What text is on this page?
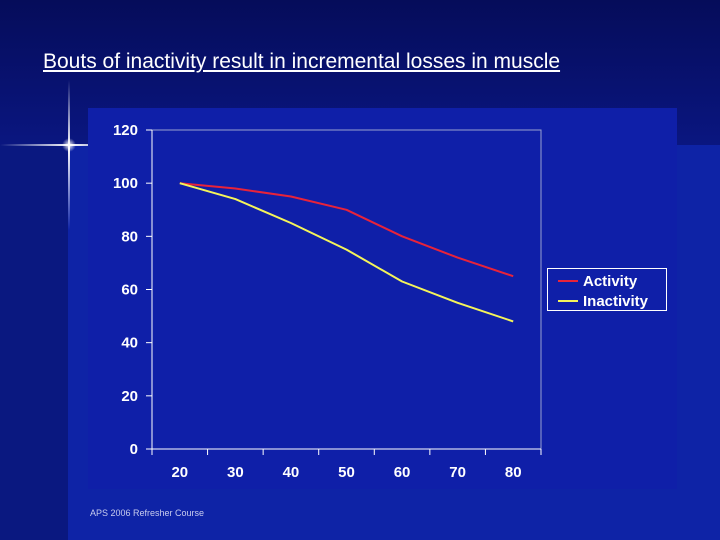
Bouts of inactivity result in incremental losses in muscle
0
20
40
60
80
100
120
20	30	40	50	60	70	80
Activity
Inactivity
APS 2006 Refresher Course
